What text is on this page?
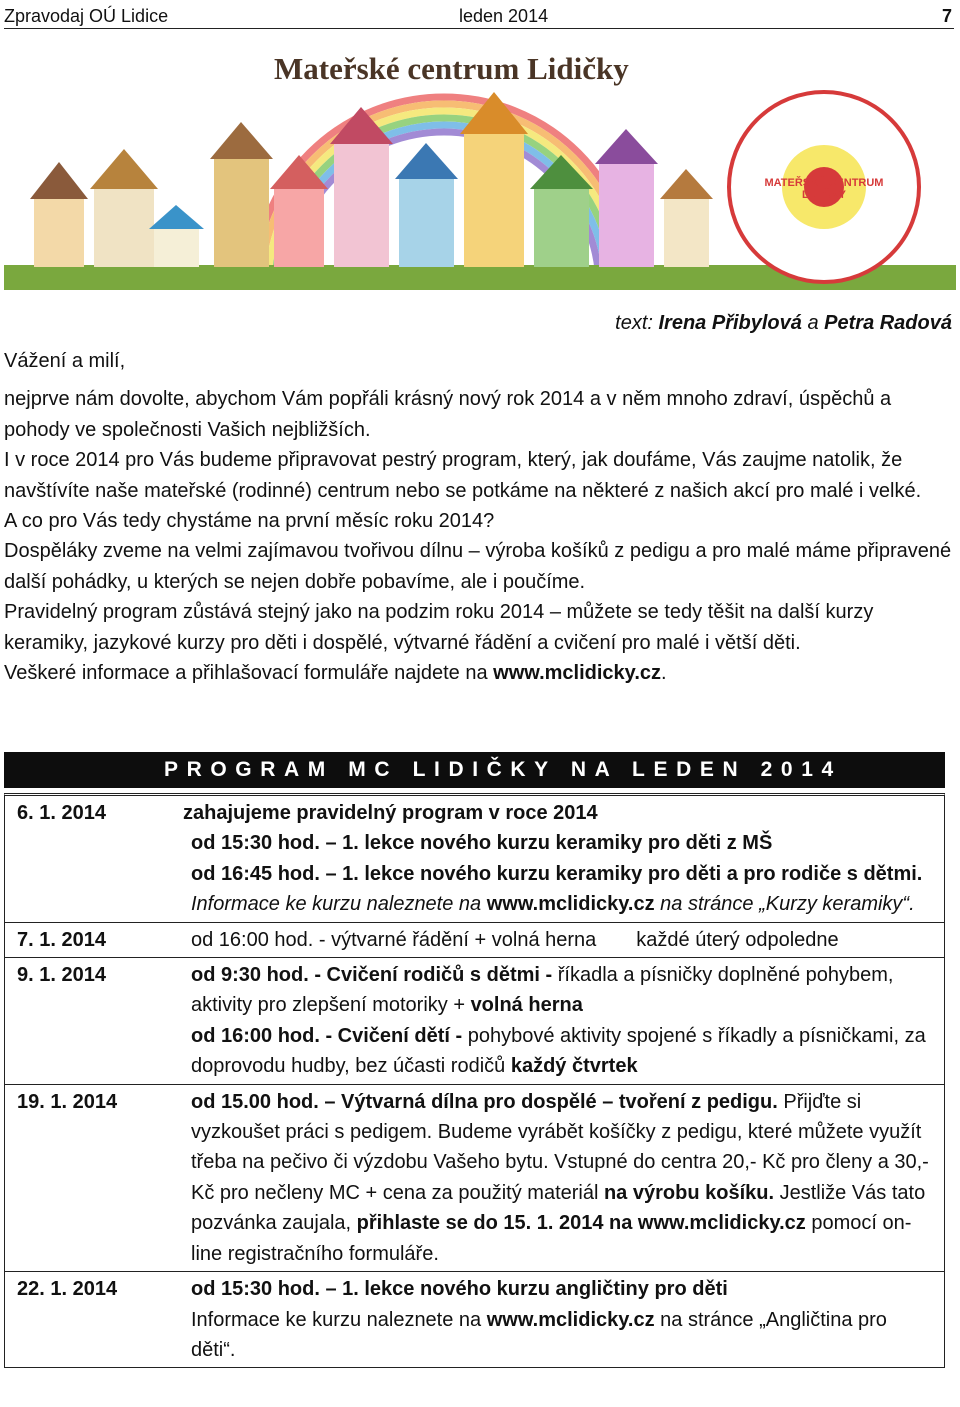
Zpravodaj OÚ Lidice	leden 2014	7
Mateřské centrum Lidičky
MATEŘSKÉ CENTRUM LIDIČKY
text: Irena Přibylová a Petra Radová

Vážení a milí,

nejprve nám dovolte, abychom Vám popřáli krásný nový rok 2014 a v něm mnoho zdraví, úspěchů a pohody ve společnosti Vašich nejbližších.

I v roce 2014 pro Vás budeme připravovat pestrý program, který, jak doufáme, Vás zaujme natolik, že navštívíte naše mateřské (rodinné) centrum nebo se potkáme na některé z našich akcí pro malé i velké.

A co pro Vás tedy chystáme na první měsíc roku 2014?

Dospěláky zveme na velmi zajímavou tvořivou dílnu – výroba košíků z pedigu a pro malé máme připravené další pohádky, u kterých se nejen dobře pobavíme, ale i poučíme.

Pravidelný program zůstává stejný jako na podzim roku 2014 – můžete se tedy těšit na další kurzy keramiky, jazykové kurzy pro děti i dospělé, výtvarné řádění a cvičení pro malé i větší děti.

Veškeré informace a přihlašovací formuláře najdete na www.mclidicky.cz.

PROGRAM MC LIDIČKY NA LEDEN 2014
6. 1. 2014	zahajujeme pravidelný program v roce 2014

od 15:30 hod. – 1. lekce nového kurzu keramiky pro děti z MŠ

od 16:45 hod. – 1. lekce nového kurzu keramiky pro děti a pro rodiče s dětmi.

Informace ke kurzu naleznete na www.mclidicky.cz na stránce „Kurzy keramiky“.

7. 1. 2014	od 16:00 hod. - výtvarné řádění + volná herna každé úterý odpoledne

9. 1. 2014	od 9:30 hod. - Cvičení rodičů s dětmi - říkadla a písničky doplněné pohybem, aktivity pro zlepšení motoriky + volná herna

od 16:00 hod. - Cvičení dětí - pohybové aktivity spojené s říkadly a písničkami, za doprovodu hudby, bez účasti rodičů každý čtvrtek

19. 1. 2014	od 15.00 hod. – Výtvarná dílna pro dospělé – tvoření z pedigu. Přijďte si vyzkoušet práci s pedigem. Budeme vyrábět košíčky z pedigu, které můžete využít třeba na pečivo či výzdobu Vašeho bytu. Vstupné do centra 20,- Kč pro členy a 30,- Kč pro nečleny MC + cena za použitý materiál na výrobu košíku. Jestliže Vás tato pozvánka zaujala, přihlaste se do 15. 1. 2014 na www.mclidicky.cz pomocí on-line registračního formuláře.

22. 1. 2014	od 15:30 hod. – 1. lekce nového kurzu angličtiny pro děti

Informace ke kurzu naleznete na www.mclidicky.cz na stránce „Angličtina pro děti“.
